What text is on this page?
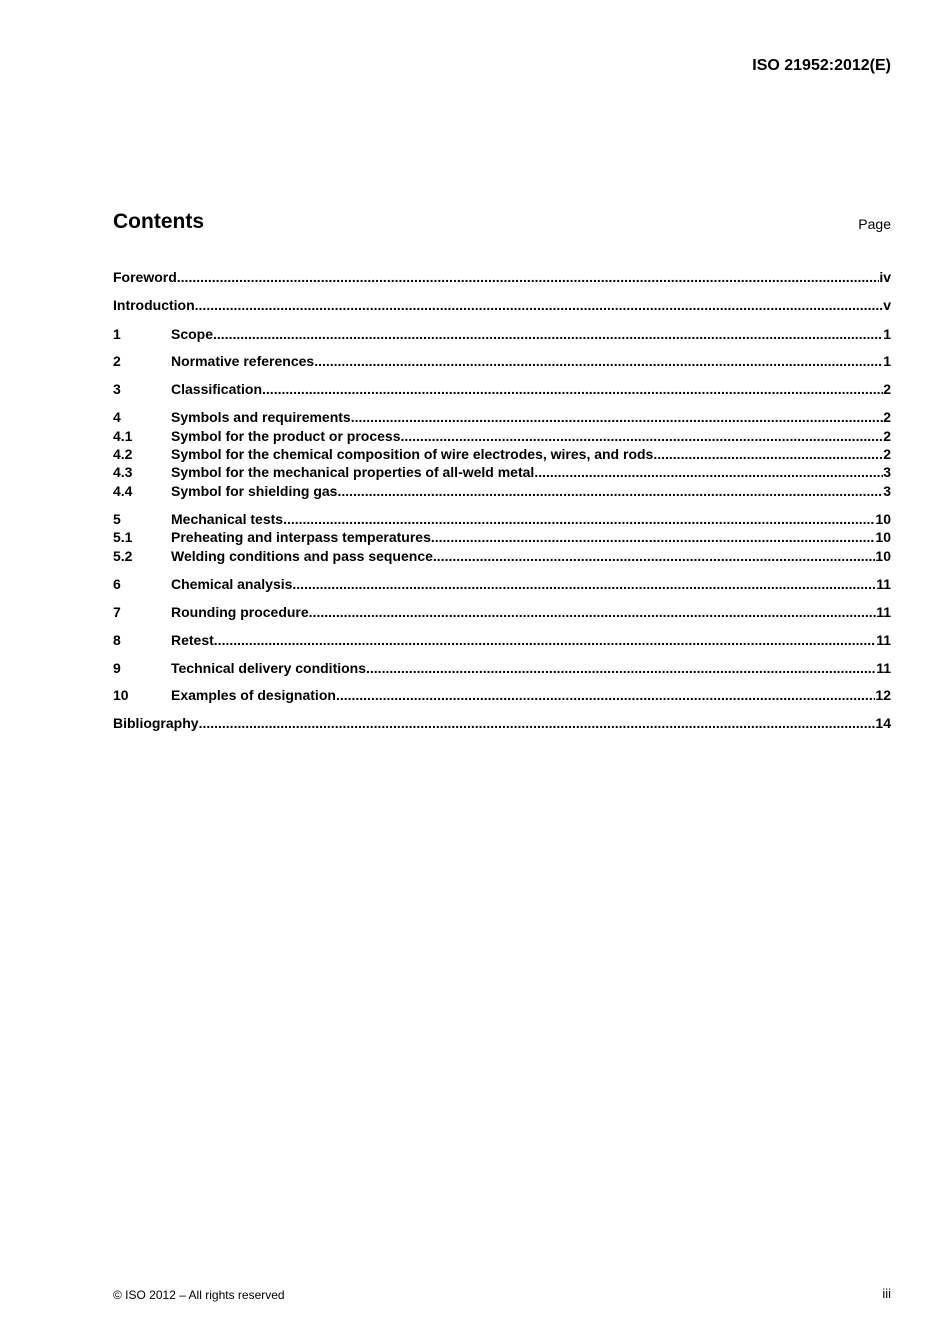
ISO 21952:2012(E)
Contents	Page
Foreword .....	iv
Introduction .....	v
1	Scope .....	1
2	Normative references .....	1
3	Classification .....	2
4	Symbols and requirements .....	2
4.1	Symbol for the product or process .....	2
4.2	Symbol for the chemical composition of wire electrodes, wires, and rods .....	2
4.3	Symbol for the mechanical properties of all-weld metal .....	3
4.4	Symbol for shielding gas .....	3
5	Mechanical tests .....	10
5.1	Preheating and interpass temperatures .....	10
5.2	Welding conditions and pass sequence .....	10
6	Chemical analysis .....	11
7	Rounding procedure .....	11
8	Retest .....	11
9	Technical delivery conditions .....	11
10	Examples of designation .....	12
Bibliography .....	14
© ISO 2012 – All rights reserved	iii
